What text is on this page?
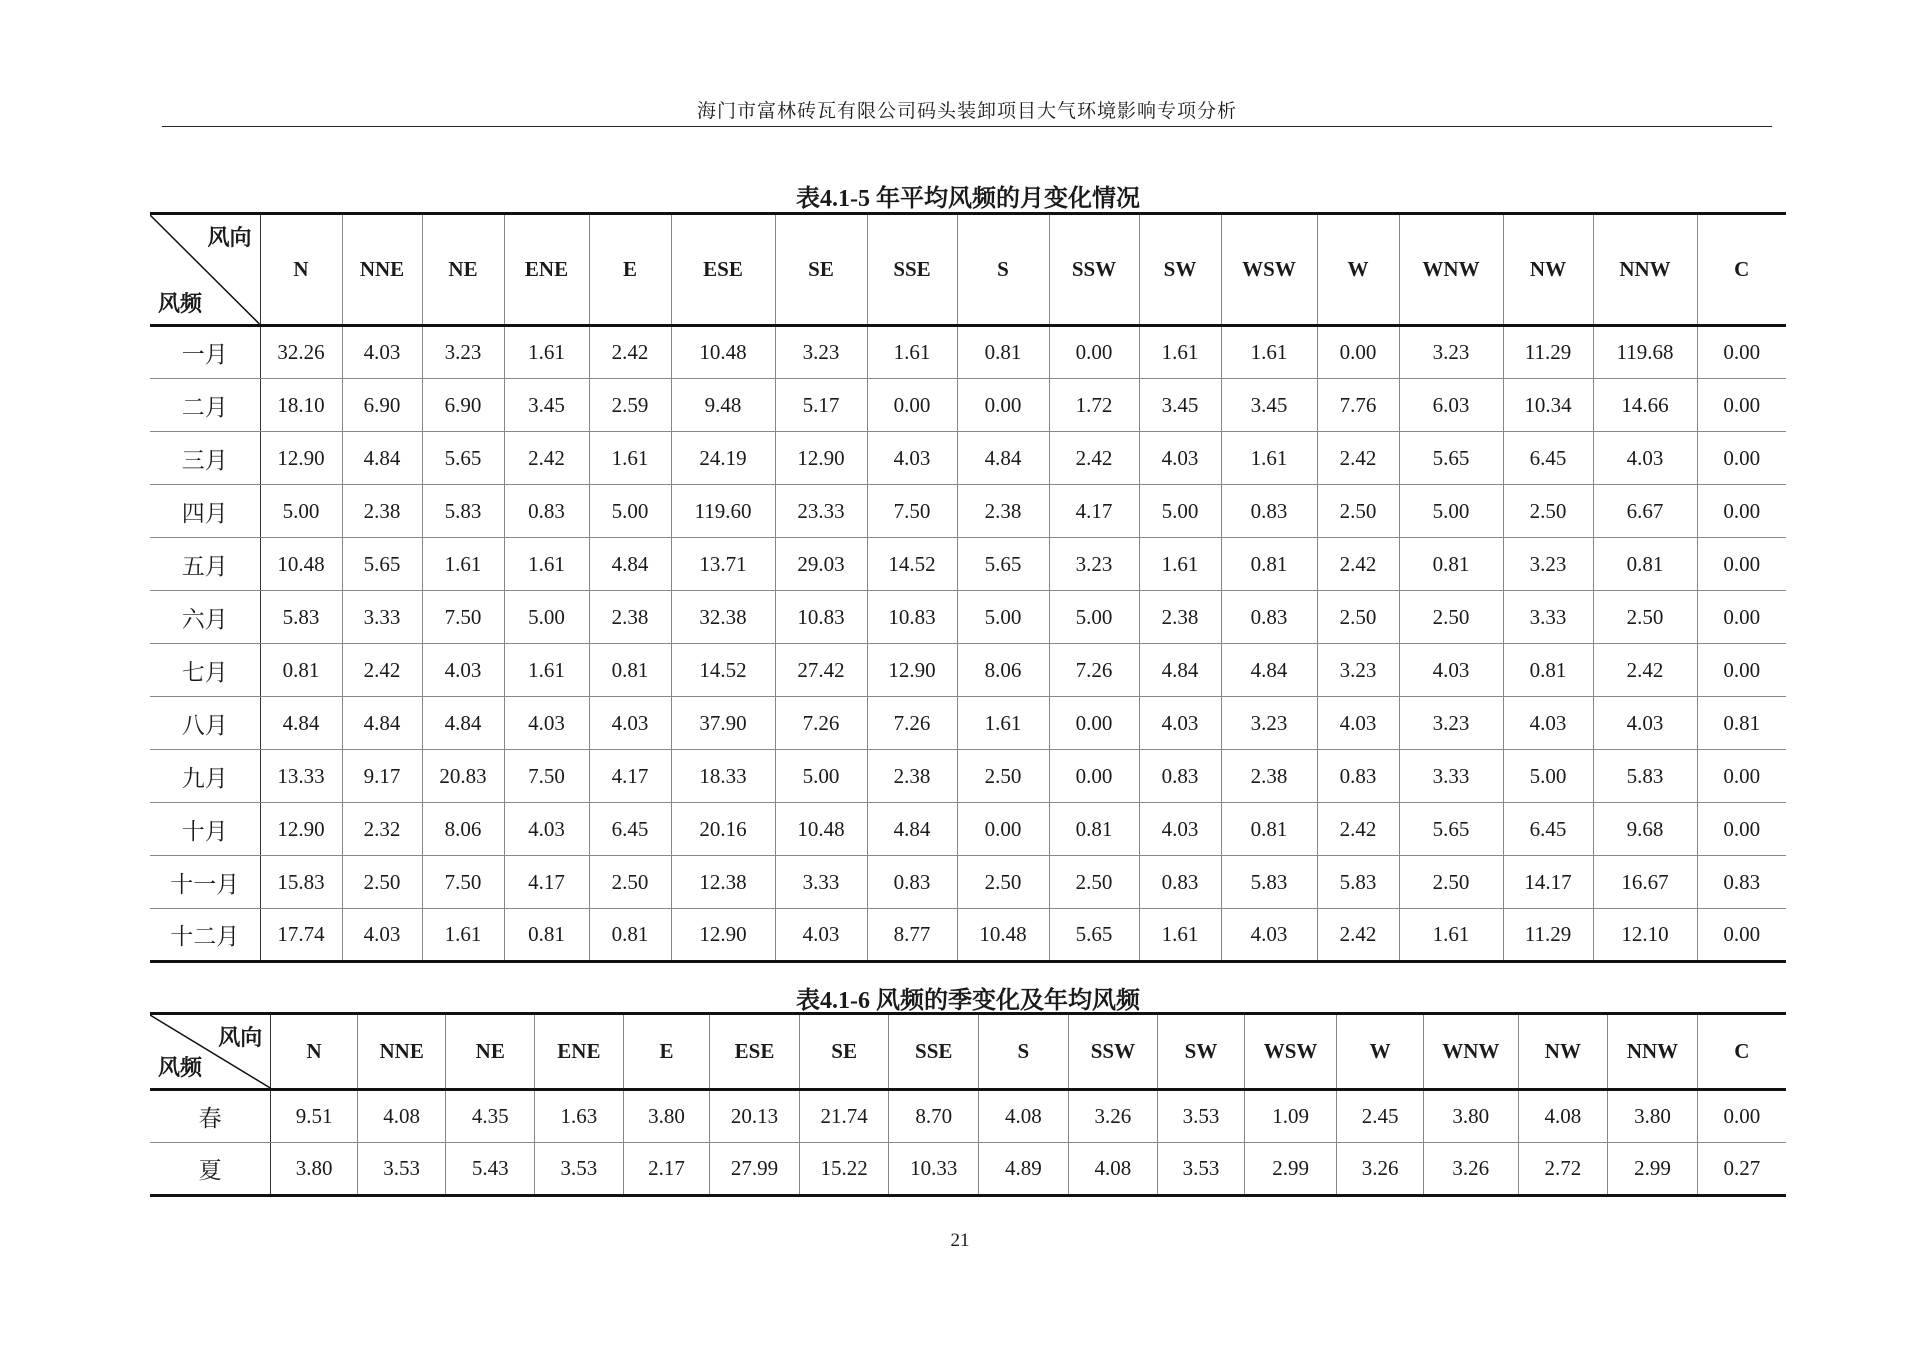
海门市富林砖瓦有限公司码头装卸项目大气环境影响专项分析
表4.1-5 年平均风频的月变化情况
风向
风频	N	NNE	NE	ENE	E	ESE	SE	SSE	S	SSW	SW	WSW	W	WNW	NW	NNW	C
一月	32.26	4.03	3.23	1.61	2.42	10.48	3.23	1.61	0.81	0.00	1.61	1.61	0.00	3.23	11.29	119.68	0.00
二月	18.10	6.90	6.90	3.45	2.59	9.48	5.17	0.00	0.00	1.72	3.45	3.45	7.76	6.03	10.34	14.66	0.00
三月	12.90	4.84	5.65	2.42	1.61	24.19	12.90	4.03	4.84	2.42	4.03	1.61	2.42	5.65	6.45	4.03	0.00
四月	5.00	2.38	5.83	0.83	5.00	119.60	23.33	7.50	2.38	4.17	5.00	0.83	2.50	5.00	2.50	6.67	0.00
五月	10.48	5.65	1.61	1.61	4.84	13.71	29.03	14.52	5.65	3.23	1.61	0.81	2.42	0.81	3.23	0.81	0.00
六月	5.83	3.33	7.50	5.00	2.38	32.38	10.83	10.83	5.00	5.00	2.38	0.83	2.50	2.50	3.33	2.50	0.00
七月	0.81	2.42	4.03	1.61	0.81	14.52	27.42	12.90	8.06	7.26	4.84	4.84	3.23	4.03	0.81	2.42	0.00
八月	4.84	4.84	4.84	4.03	4.03	37.90	7.26	7.26	1.61	0.00	4.03	3.23	4.03	3.23	4.03	4.03	0.81
九月	13.33	9.17	20.83	7.50	4.17	18.33	5.00	2.38	2.50	0.00	0.83	2.38	0.83	3.33	5.00	5.83	0.00
十月	12.90	2.32	8.06	4.03	6.45	20.16	10.48	4.84	0.00	0.81	4.03	0.81	2.42	5.65	6.45	9.68	0.00
十一月	15.83	2.50	7.50	4.17	2.50	12.38	3.33	0.83	2.50	2.50	0.83	5.83	5.83	2.50	14.17	16.67	0.83
十二月	17.74	4.03	1.61	0.81	0.81	12.90	4.03	8.77	10.48	5.65	1.61	4.03	2.42	1.61	11.29	12.10	0.00
表4.1-6 风频的季变化及年均风频
风向
风频	N	NNE	NE	ENE	E	ESE	SE	SSE	S	SSW	SW	WSW	W	WNW	NW	NNW	C
春	9.51	4.08	4.35	1.63	3.80	20.13	21.74	8.70	4.08	3.26	3.53	1.09	2.45	3.80	4.08	3.80	0.00
夏	3.80	3.53	5.43	3.53	2.17	27.99	15.22	10.33	4.89	4.08	3.53	2.99	3.26	3.26	2.72	2.99	0.27
21
